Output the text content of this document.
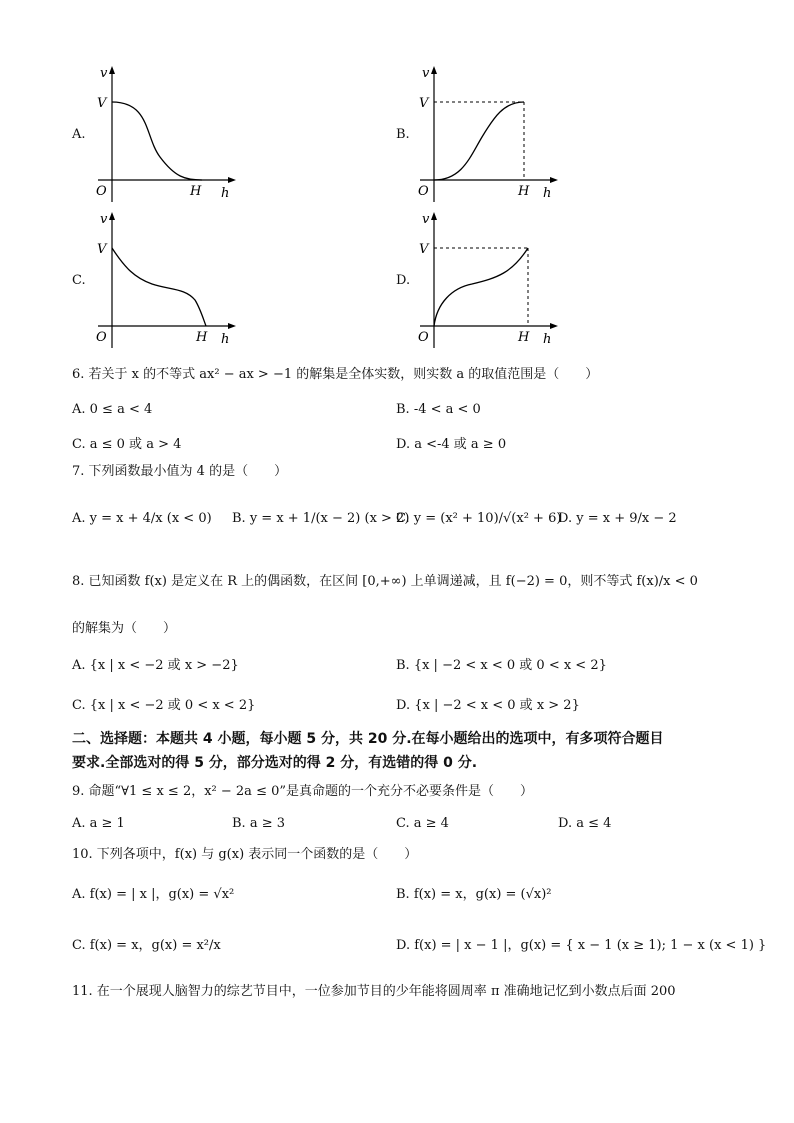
A.
v
V
O	H h
B.
v
V
O	H h
C.
v
V
O	H h
D.
v
V
O	H h
6. 若关于 x 的不等式 ax² − ax > −1 的解集是全体实数，则实数 a 的取值范围是（　　）
A. 0 ≤ a < 4	B. -4 < a < 0
C. a ≤ 0 或 a > 4	D. a <-4 或 a ≥ 0
7. 下列函数最小值为 4 的是（　　）
A. y = x + 4/x (x < 0) B. y = x + 1/(x − 2) (x > 2)
C. y = (x² + 10)/√(x² + 6)
D. y = x + 9/x − 2
8. 已知函数 f(x) 是定义在 R 上的偶函数，在区间 [0,+∞) 上单调递减，且 f(−2) = 0，则不等式 f(x)/x < 0
的解集为（　　）
A. {x | x < −2 或 x > −2}	B. {x | −2 < x < 0 或 0 < x < 2}
C. {x | x < −2 或 0 < x < 2}	D. {x | −2 < x < 0 或 x > 2}
二、选择题：本题共 4 小题，每小题 5 分，共 20 分.在每小题给出的选项中，有多项符合题目
要求.全部选对的得 5 分，部分选对的得 2 分，有选错的得 0 分.
9. 命题“∀1 ≤ x ≤ 2，x² − 2a ≤ 0”是真命题的一个充分不必要条件是（　　）
A. a ≥ 1	B. a ≥ 3	C. a ≥ 4	D. a ≤ 4
10. 下列各项中，f(x) 与 g(x) 表示同一个函数的是（　　）
A. f(x) = | x |，g(x) = √x²	B. f(x) = x，g(x) = (√x)²
C. f(x) = x，g(x) = x²/x	D. f(x) = | x − 1 |，g(x) = { x − 1 (x ≥ 1); 1 − x (x < 1) }
11. 在一个展现人脑智力的综艺节目中，一位参加节目的少年能将圆周率 π 准确地记忆到小数点后面 200
